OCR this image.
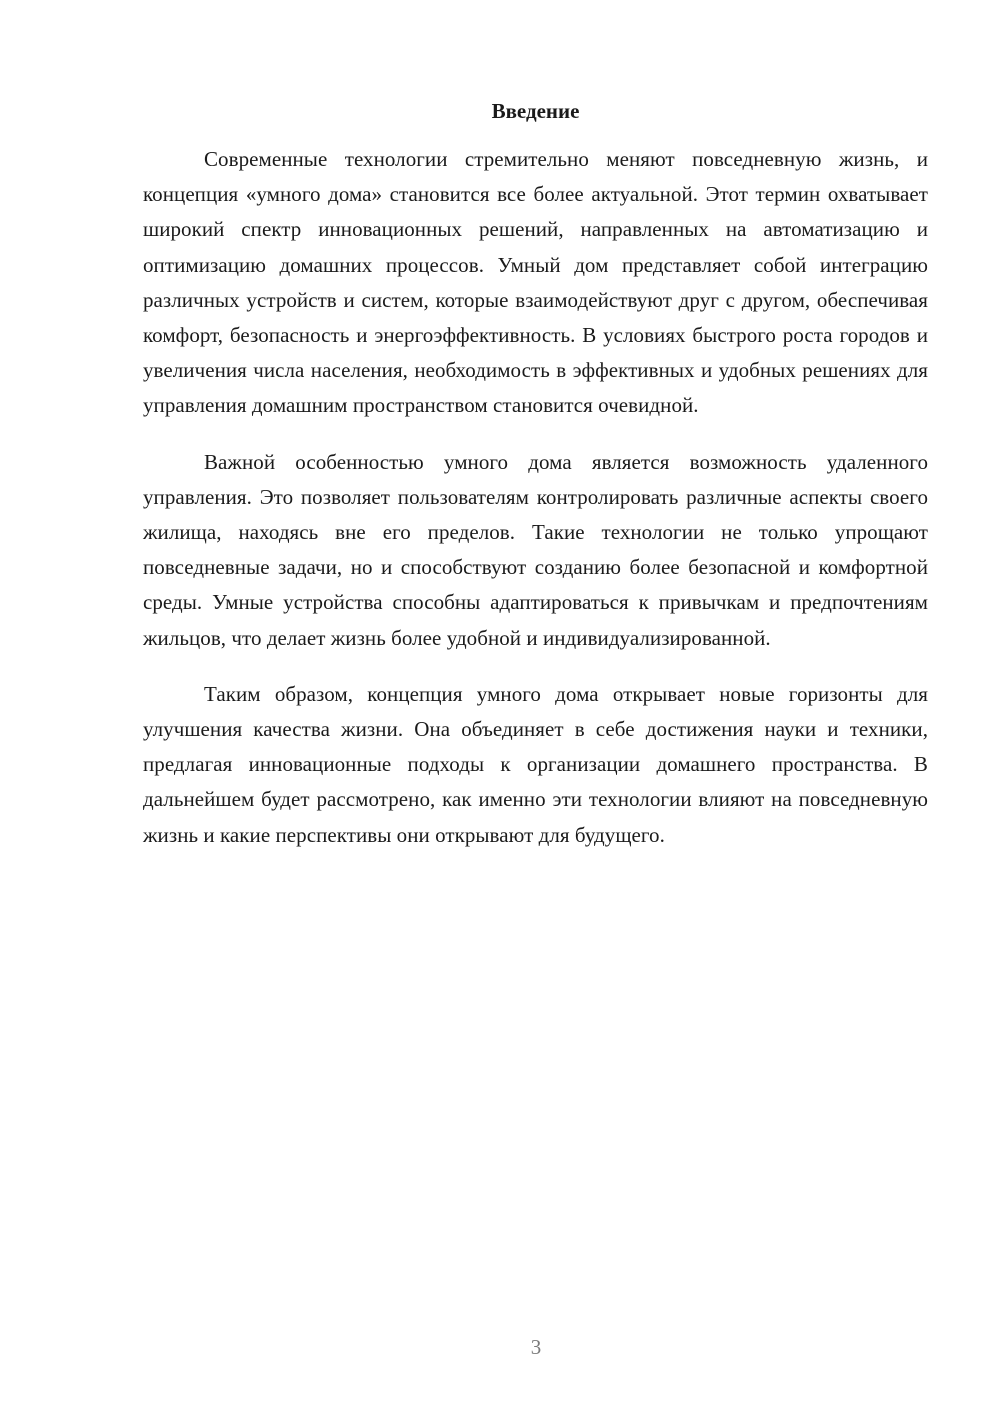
Введение

Современные технологии стремительно меняют повседневную жизнь, и концепция «умного дома» становится все более актуальной. Этот термин охватывает широкий спектр инновационных решений, направленных на автоматизацию и оптимизацию домашних процессов. Умный дом представляет собой интеграцию различных устройств и систем, которые взаимодействуют друг с другом, обеспечивая комфорт, безопасность и энергоэффективность. В условиях быстрого роста городов и увеличения числа населения, необходимость в эффективных и удобных решениях для управления домашним пространством становится очевидной.

Важной особенностью умного дома является возможность удаленного управления. Это позволяет пользователям контролировать различные аспекты своего жилища, находясь вне его пределов. Такие технологии не только упрощают повседневные задачи, но и способствуют созданию более безопасной и комфортной среды. Умные устройства способны адаптироваться к привычкам и предпочтениям жильцов, что делает жизнь более удобной и индивидуализированной.

Таким образом, концепция умного дома открывает новые горизонты для улучшения качества жизни. Она объединяет в себе достижения науки и техники, предлагая инновационные подходы к организации домашнего пространства. В дальнейшем будет рассмотрено, как именно эти технологии влияют на повседневную жизнь и какие перспективы они открывают для будущего.

3
